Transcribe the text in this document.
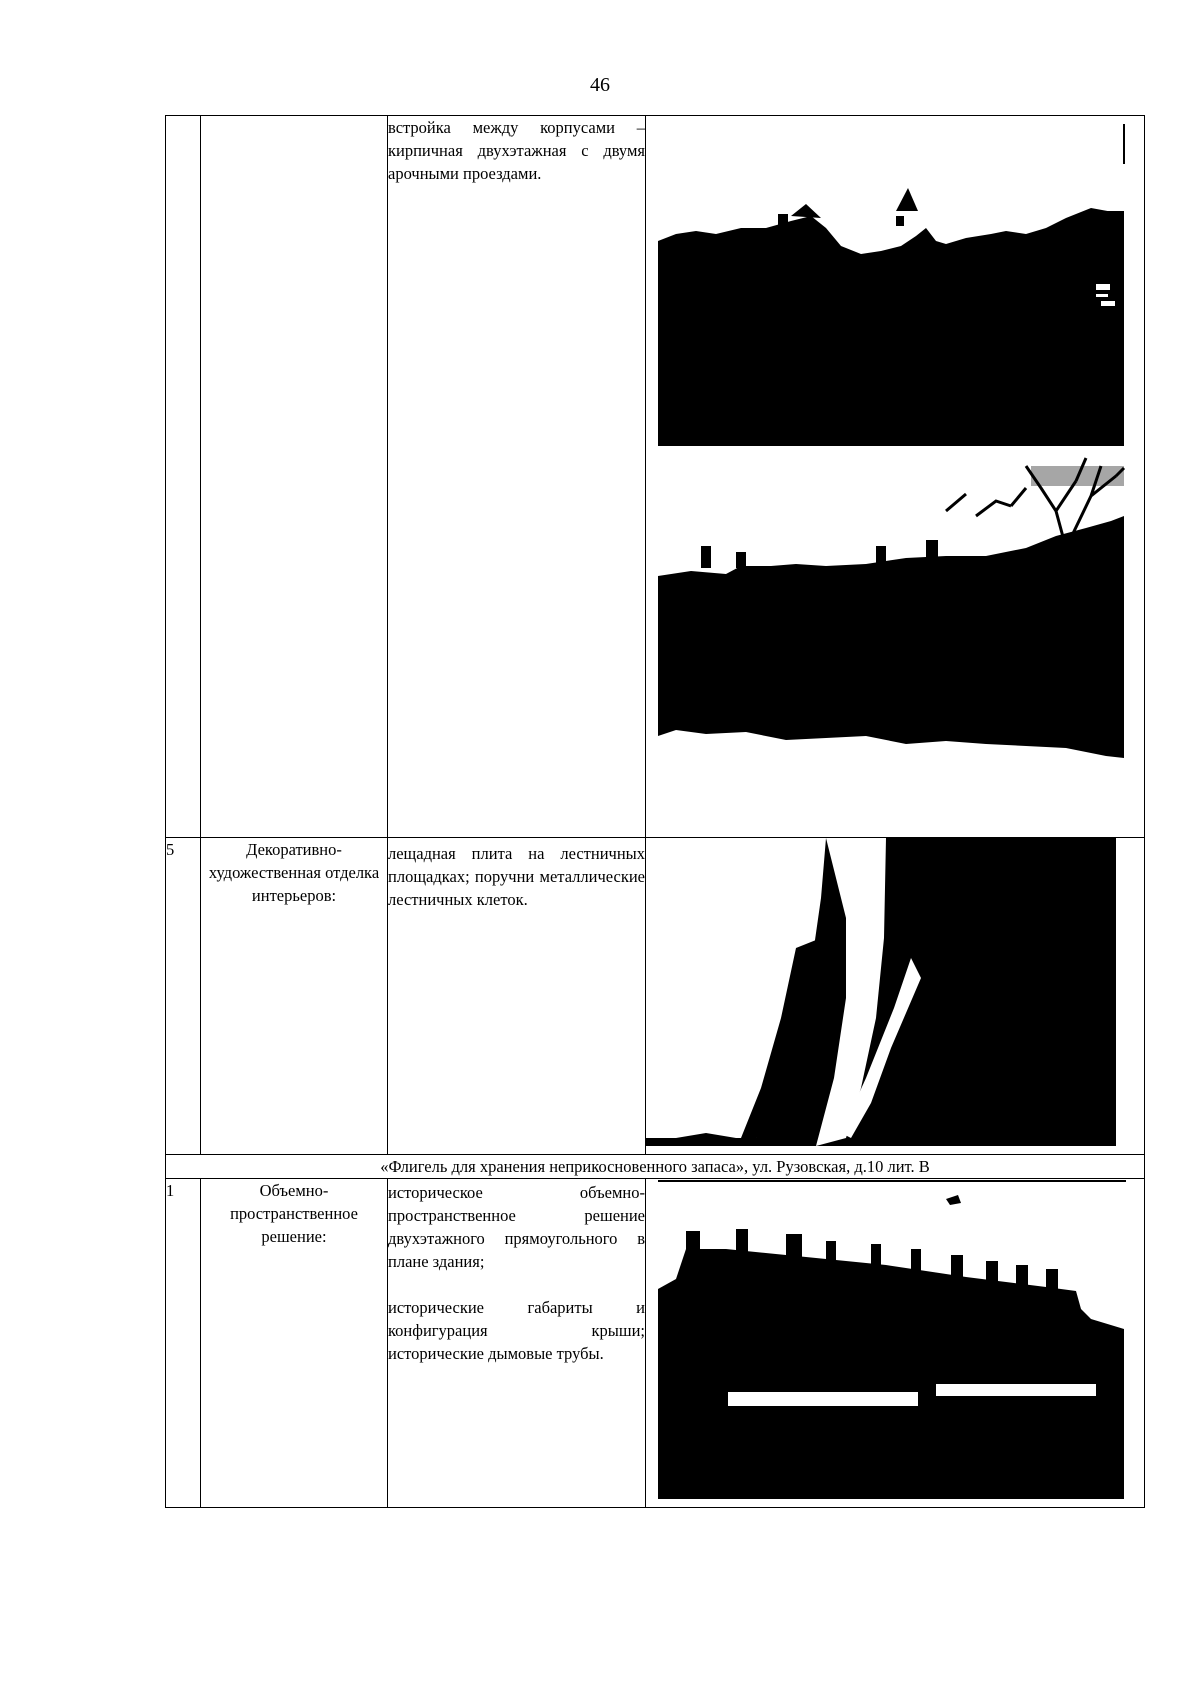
46
		встройка между корпусами – кирпичная двухэтажная с двумя арочными проездами.	
5	Декоративно-художественная отделка интерьеров:	лещадная плита на лестничных площадках; поручни металлические лестничных клеток.	
«Флигель для хранения неприкосновенного запаса», ул. Рузовская, д.10 лит. В			
1	Объемно-пространственное решение:	историческое объемно-пространственное решение двухэтажного прямоугольного в плане здания;

исторические габариты и конфигурация крыши; исторические дымовые трубы.
